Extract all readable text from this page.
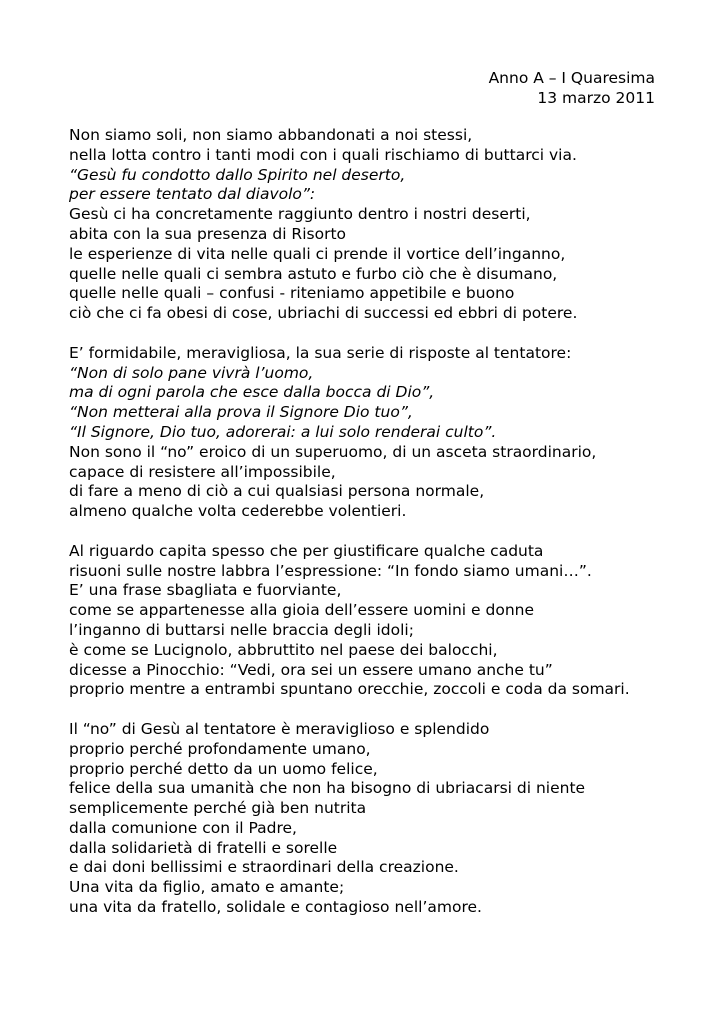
Anno A – I Quaresima
13 marzo 2011
Non siamo soli, non siamo abbandonati a noi stessi,
nella lotta contro i tanti modi con i quali rischiamo di buttarci via.
“Gesù fu condotto dallo Spirito nel deserto,
per essere tentato dal diavolo”:
Gesù ci ha concretamente raggiunto dentro i nostri deserti,
abita con la sua presenza di Risorto
le esperienze di vita nelle quali ci prende il vortice dell’inganno,
quelle nelle quali ci sembra astuto e furbo ciò che è disumano,
quelle nelle quali – confusi - riteniamo appetibile e buono
ciò che ci fa obesi di cose, ubriachi di successi ed ebbri di potere.
E’ formidabile, meravigliosa, la sua serie di risposte al tentatore:
“Non di solo pane vivrà l’uomo,
ma di ogni parola che esce dalla bocca di Dio”,
“Non metterai alla prova il Signore Dio tuo”,
“Il Signore, Dio tuo, adorerai: a lui solo renderai culto”.
Non sono il “no” eroico di un superuomo, di un asceta straordinario,
capace di resistere all’impossibile,
di fare a meno di ciò a cui qualsiasi persona normale,
almeno qualche volta cederebbe volentieri.
Al riguardo capita spesso che per giustificare qualche caduta
risuoni sulle nostre labbra l’espressione: “In fondo siamo umani…”.
E’ una frase sbagliata e fuorviante,
come se appartenesse alla gioia dell’essere uomini e donne
l’inganno di buttarsi nelle braccia degli idoli;
è come se Lucignolo, abbruttito nel paese dei balocchi,
dicesse a Pinocchio: “Vedi, ora sei un essere umano anche tu”
proprio mentre a entrambi spuntano orecchie, zoccoli e coda da somari.
Il “no” di Gesù al tentatore è meraviglioso e splendido
proprio perché profondamente umano,
proprio perché detto da un uomo felice,
felice della sua umanità che non ha bisogno di ubriacarsi di niente
semplicemente perché già ben nutrita
dalla comunione con il Padre,
dalla solidarietà di fratelli e sorelle
e dai doni bellissimi e straordinari della creazione.
Una vita da figlio, amato e amante;
una vita da fratello, solidale e contagioso nell’amore.
